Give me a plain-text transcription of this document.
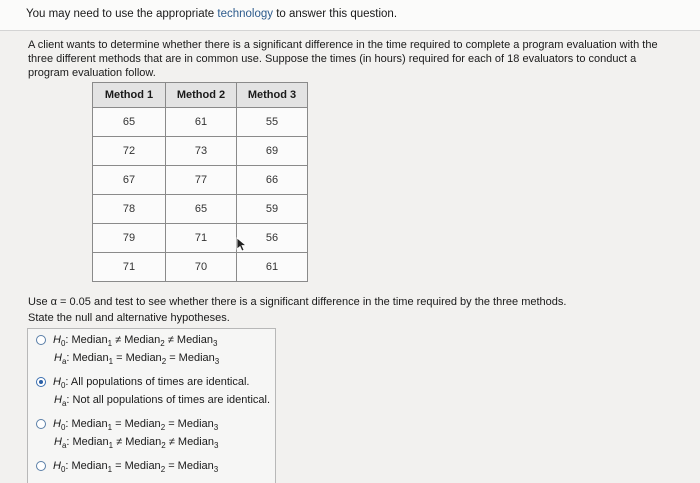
You may need to use the appropriate technology to answer this question.
A client wants to determine whether there is a significant difference in the time required to complete a program evaluation with the three different methods that are in common use. Suppose the times (in hours) required for each of 18 evaluators to conduct a program evaluation follow.
Method 1	Method 2	Method 3
65	61	55
72	73	69
67	77	66
78	65	59
79	71	56
71	70	61
Use α = 0.05 and test to see whether there is a significant difference in the time required by the three methods.
State the null and alternative hypotheses.
$H_0$: Median$_1$ ≠ Median$_2$ ≠ Median$_3$
$H_a$: Median$_1$ = Median$_2$ = Median$_3$
$H_0$: All populations of times are identical.
$H_a$: Not all populations of times are identical.
$H_0$: Median$_1$ = Median$_2$ = Median$_3$
$H_a$: Median$_1$ ≠ Median$_2$ ≠ Median$_3$
$H_0$: Median$_1$ = Median$_2$ = Median$_3$
